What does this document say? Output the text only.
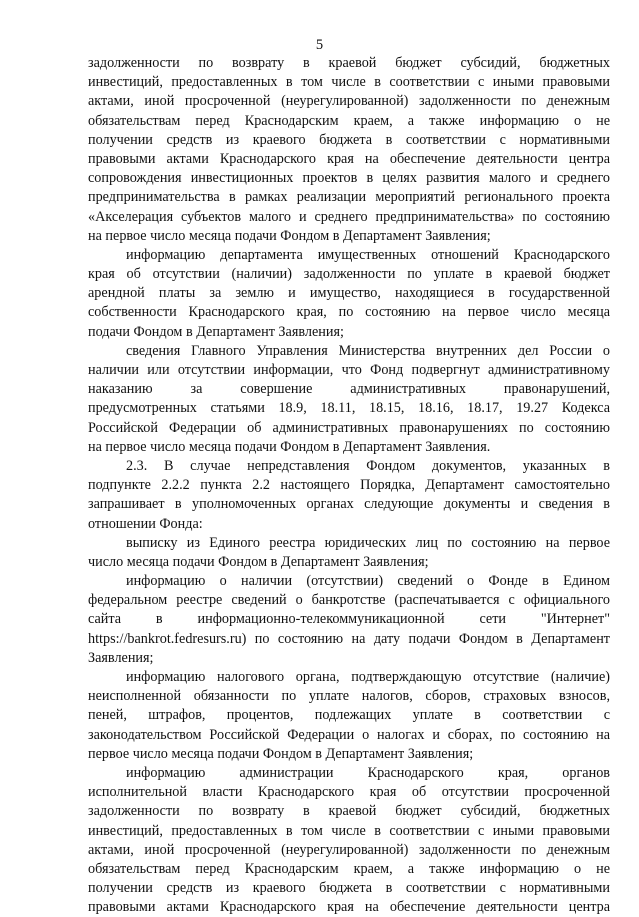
5
задолженности по возврату в краевой бюджет субсидий, бюджетных
инвестиций, предоставленных в том числе в соответствии с иными правовыми
актами, иной просроченной (неурегулированной) задолженности по денежным
обязательствам перед Краснодарским краем, а также информацию о не
получении средств из краевого бюджета в соответствии с нормативными
правовыми актами Краснодарского края на обеспечение деятельности центра
сопровождения инвестиционных проектов в целях развития малого и среднего
предпринимательства в рамках реализации мероприятий регионального проекта
«Акселерация субъектов малого и среднего предпринимательства» по состоянию
на первое число месяца подачи Фондом в Департамент Заявления;
информацию департамента имущественных отношений Краснодарского
края об отсутствии (наличии) задолженности по уплате в краевой бюджет
арендной платы за землю и имущество, находящиеся в государственной
собственности Краснодарского края, по состоянию на первое число месяца
подачи Фондом в Департамент Заявления;
сведения Главного Управления Министерства внутренних дел России о
наличии или отсутствии информации, что Фонд подвергнут административному
наказанию за совершение административных правонарушений,
предусмотренных статьями 18.9, 18.11, 18.15, 18.16, 18.17, 19.27 Кодекса
Российской Федерации об административных правонарушениях по состоянию
на первое число месяца подачи Фондом в Департамент Заявления.
2.3. В случае непредставления Фондом документов, указанных в
подпункте 2.2.2 пункта 2.2 настоящего Порядка, Департамент самостоятельно
запрашивает в уполномоченных органах следующие документы и сведения в
отношении Фонда:
выписку из Единого реестра юридических лиц по состоянию на первое
число месяца подачи Фондом в Департамент Заявления;
информацию о наличии (отсутствии) сведений о Фонде в Едином
федеральном реестре сведений о банкротстве (распечатывается с официального
сайта в информационно-телекоммуникационной сети "Интернет"
https://bankrot.fedresurs.ru) по состоянию на дату подачи Фондом в Департамент
Заявления;
информацию налогового органа, подтверждающую отсутствие (наличие)
неисполненной обязанности по уплате налогов, сборов, страховых взносов,
пеней, штрафов, процентов, подлежащих уплате в соответствии с
законодательством Российской Федерации о налогах и сборах, по состоянию на
первое число месяца подачи Фондом в Департамент Заявления;
информацию администрации Краснодарского края, органов
исполнительной власти Краснодарского края об отсутствии просроченной
задолженности по возврату в краевой бюджет субсидий, бюджетных
инвестиций, предоставленных в том числе в соответствии с иными правовыми
актами, иной просроченной (неурегулированной) задолженности по денежным
обязательствам перед Краснодарским краем, а также информацию о не
получении средств из краевого бюджета в соответствии с нормативными
правовыми актами Краснодарского края на обеспечение деятельности центра
